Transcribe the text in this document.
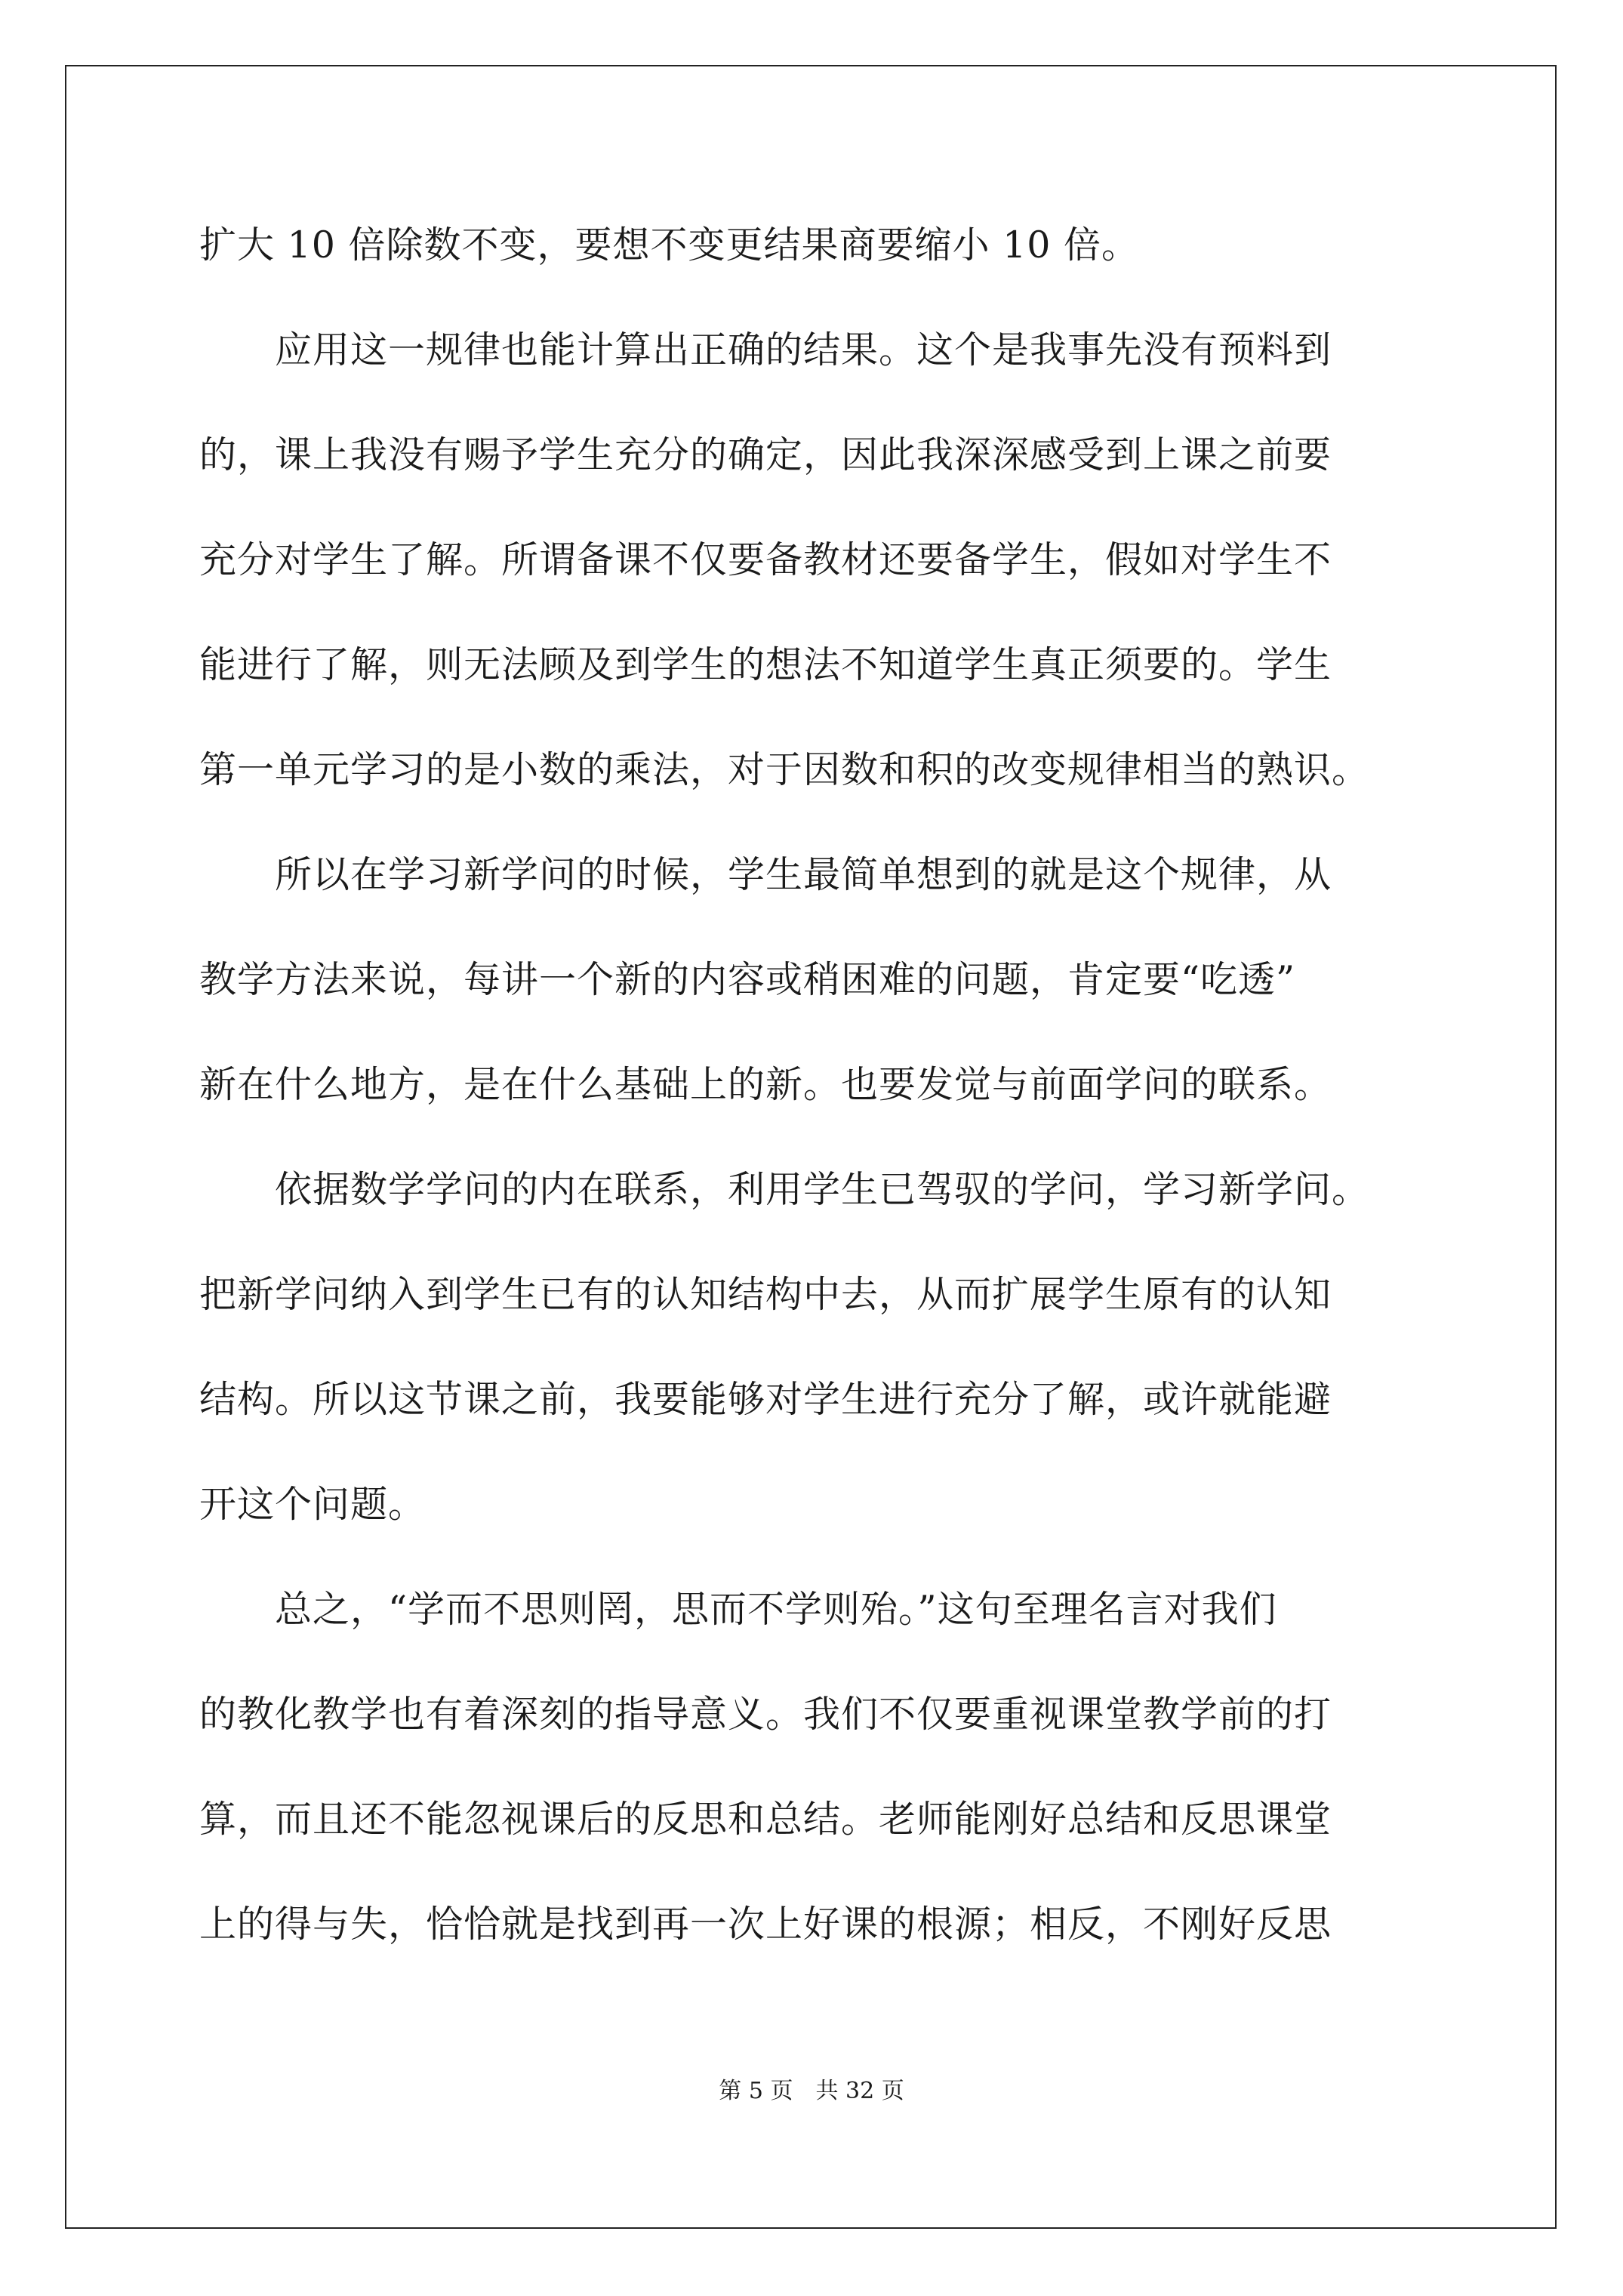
扩大 10 倍除数不变，要想不变更结果商要缩小 10 倍。
　　应用这一规律也能计算出正确的结果。这个是我事先没有预料到
的，课上我没有赐予学生充分的确定，因此我深深感受到上课之前要
充分对学生了解。所谓备课不仅要备教材还要备学生，假如对学生不
能进行了解，则无法顾及到学生的想法不知道学生真正须要的。学生
第一单元学习的是小数的乘法，对于因数和积的改变规律相当的熟识。
　　所以在学习新学问的时候，学生最简单想到的就是这个规律，从
教学方法来说，每讲一个新的内容或稍困难的问题，肯定要“吃透”
新在什么地方，是在什么基础上的新。也要发觉与前面学问的联系。
　　依据数学学问的内在联系，利用学生已驾驭的学问，学习新学问。
把新学问纳入到学生已有的认知结构中去，从而扩展学生原有的认知
结构。所以这节课之前，我要能够对学生进行充分了解，或许就能避
开这个问题。
　　总之，“学而不思则罔，思而不学则殆。”这句至理名言对我们
的教化教学也有着深刻的指导意义。我们不仅要重视课堂教学前的打
算，而且还不能忽视课后的反思和总结。老师能刚好总结和反思课堂
上的得与失，恰恰就是找到再一次上好课的根源；相反，不刚好反思
第 5 页　共 32 页
